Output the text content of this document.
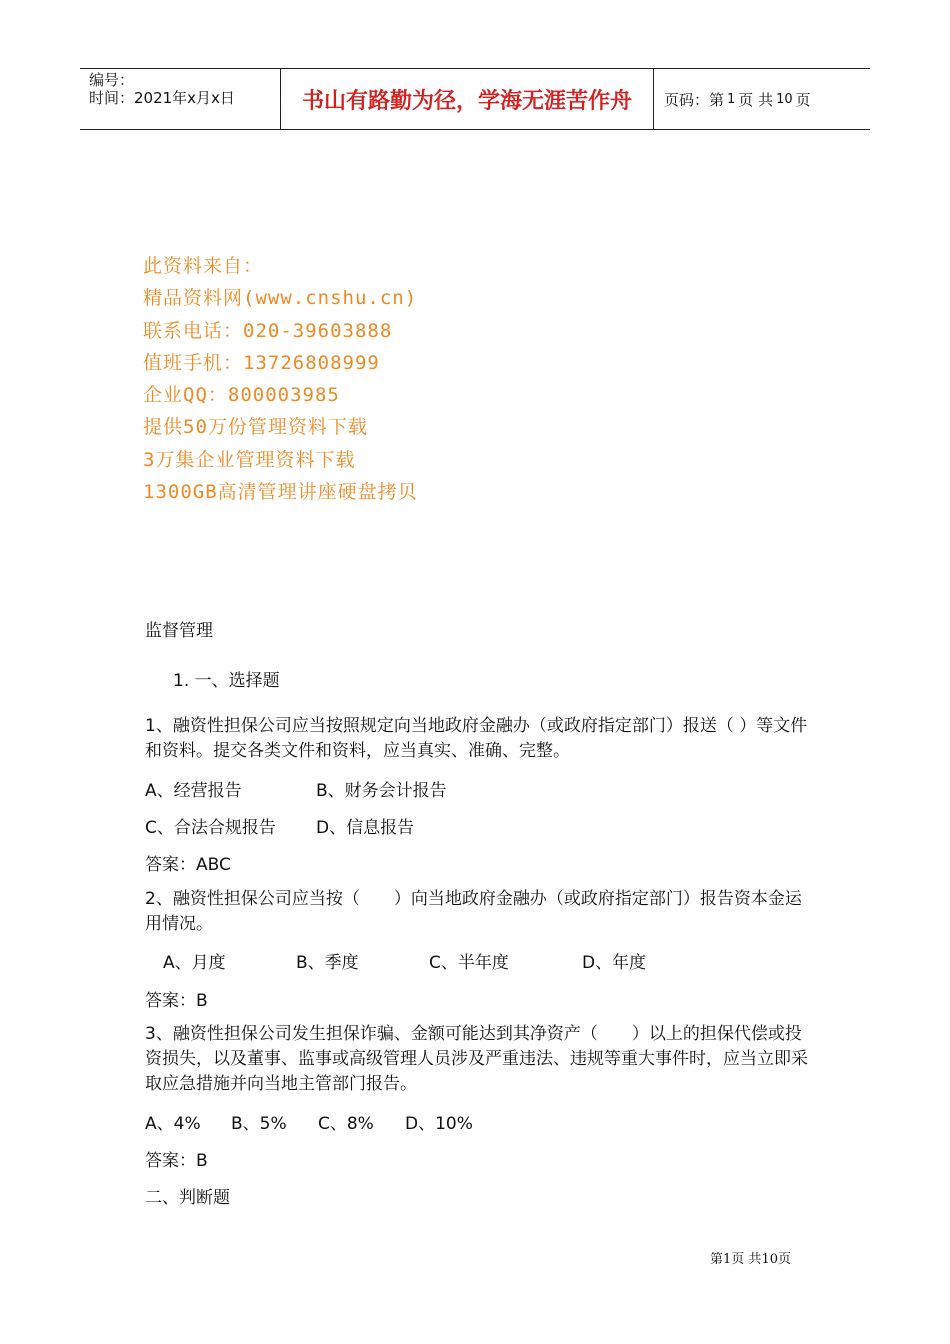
编号：
时间：2021年x月x日	书山有路勤为径，学海无涯苦作舟	页码：第 1 页 共 10 页
此资料来自：
精品资料网(www.cnshu.cn)
联系电话：020-39603888
值班手机：13726808999
企业QQ：800003985
提供50万份管理资料下载
3万集企业管理资料下载
1300GB高清管理讲座硬盘拷贝
监督管理
1. 一、选择题
1、融资性担保公司应当按照规定向当地政府金融办（或政府指定部门）报送（ ）等文件和资料。提交各类文件和资料，应当真实、准确、完整。
A、经营报告	B、财务会计报告
C、合法合规报告 D、信息报告
答案：ABC
2、融资性担保公司应当按（　　）向当地政府金融办（或政府指定部门）报告资本金运用情况。
A、月度	B、季度	C、半年度	D、年度
答案：B
3、融资性担保公司发生担保诈骗、金额可能达到其净资产（　　）以上的担保代偿或投资损失，以及董事、监事或高级管理人员涉及严重违法、违规等重大事件时，应当立即采取应急措施并向当地主管部门报告。
A、4% B、5% C、8% D、10%
答案：B
二、判断题
第1页 共10页
